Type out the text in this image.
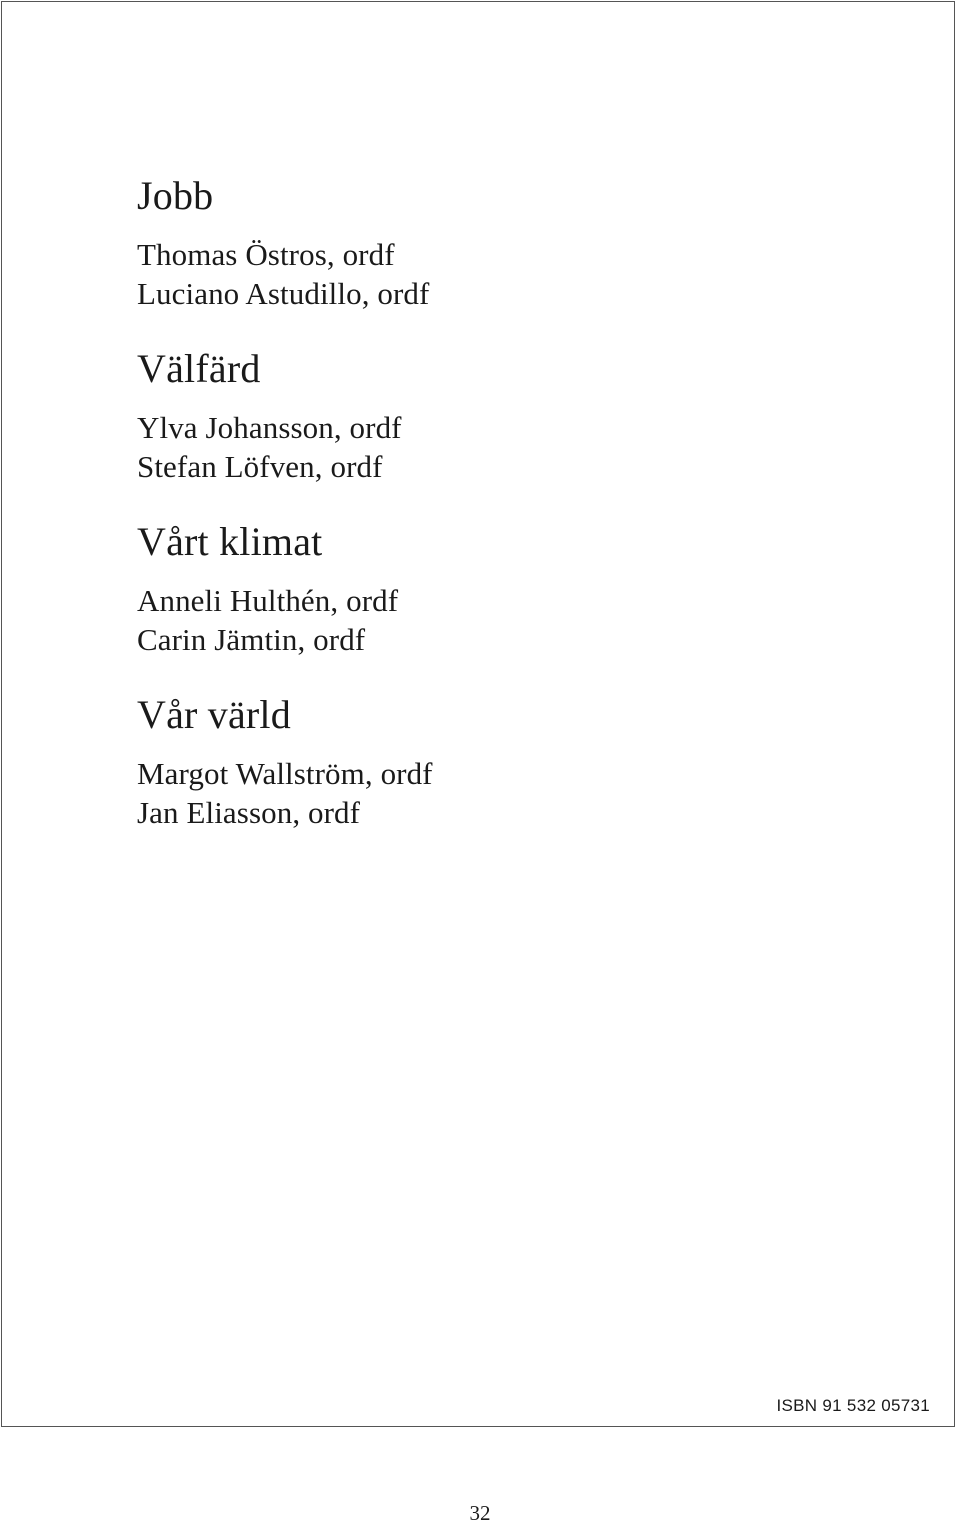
Jobb

Thomas Östros, ordf

Luciano Astudillo, ordf

Välfärd

Ylva Johansson, ordf

Stefan Löfven, ordf

Vårt klimat

Anneli Hulthén, ordf

Carin Jämtin, ordf

Vår värld

Margot Wallström, ordf

Jan Eliasson, ordf

ISBN 91 532 05731
32
